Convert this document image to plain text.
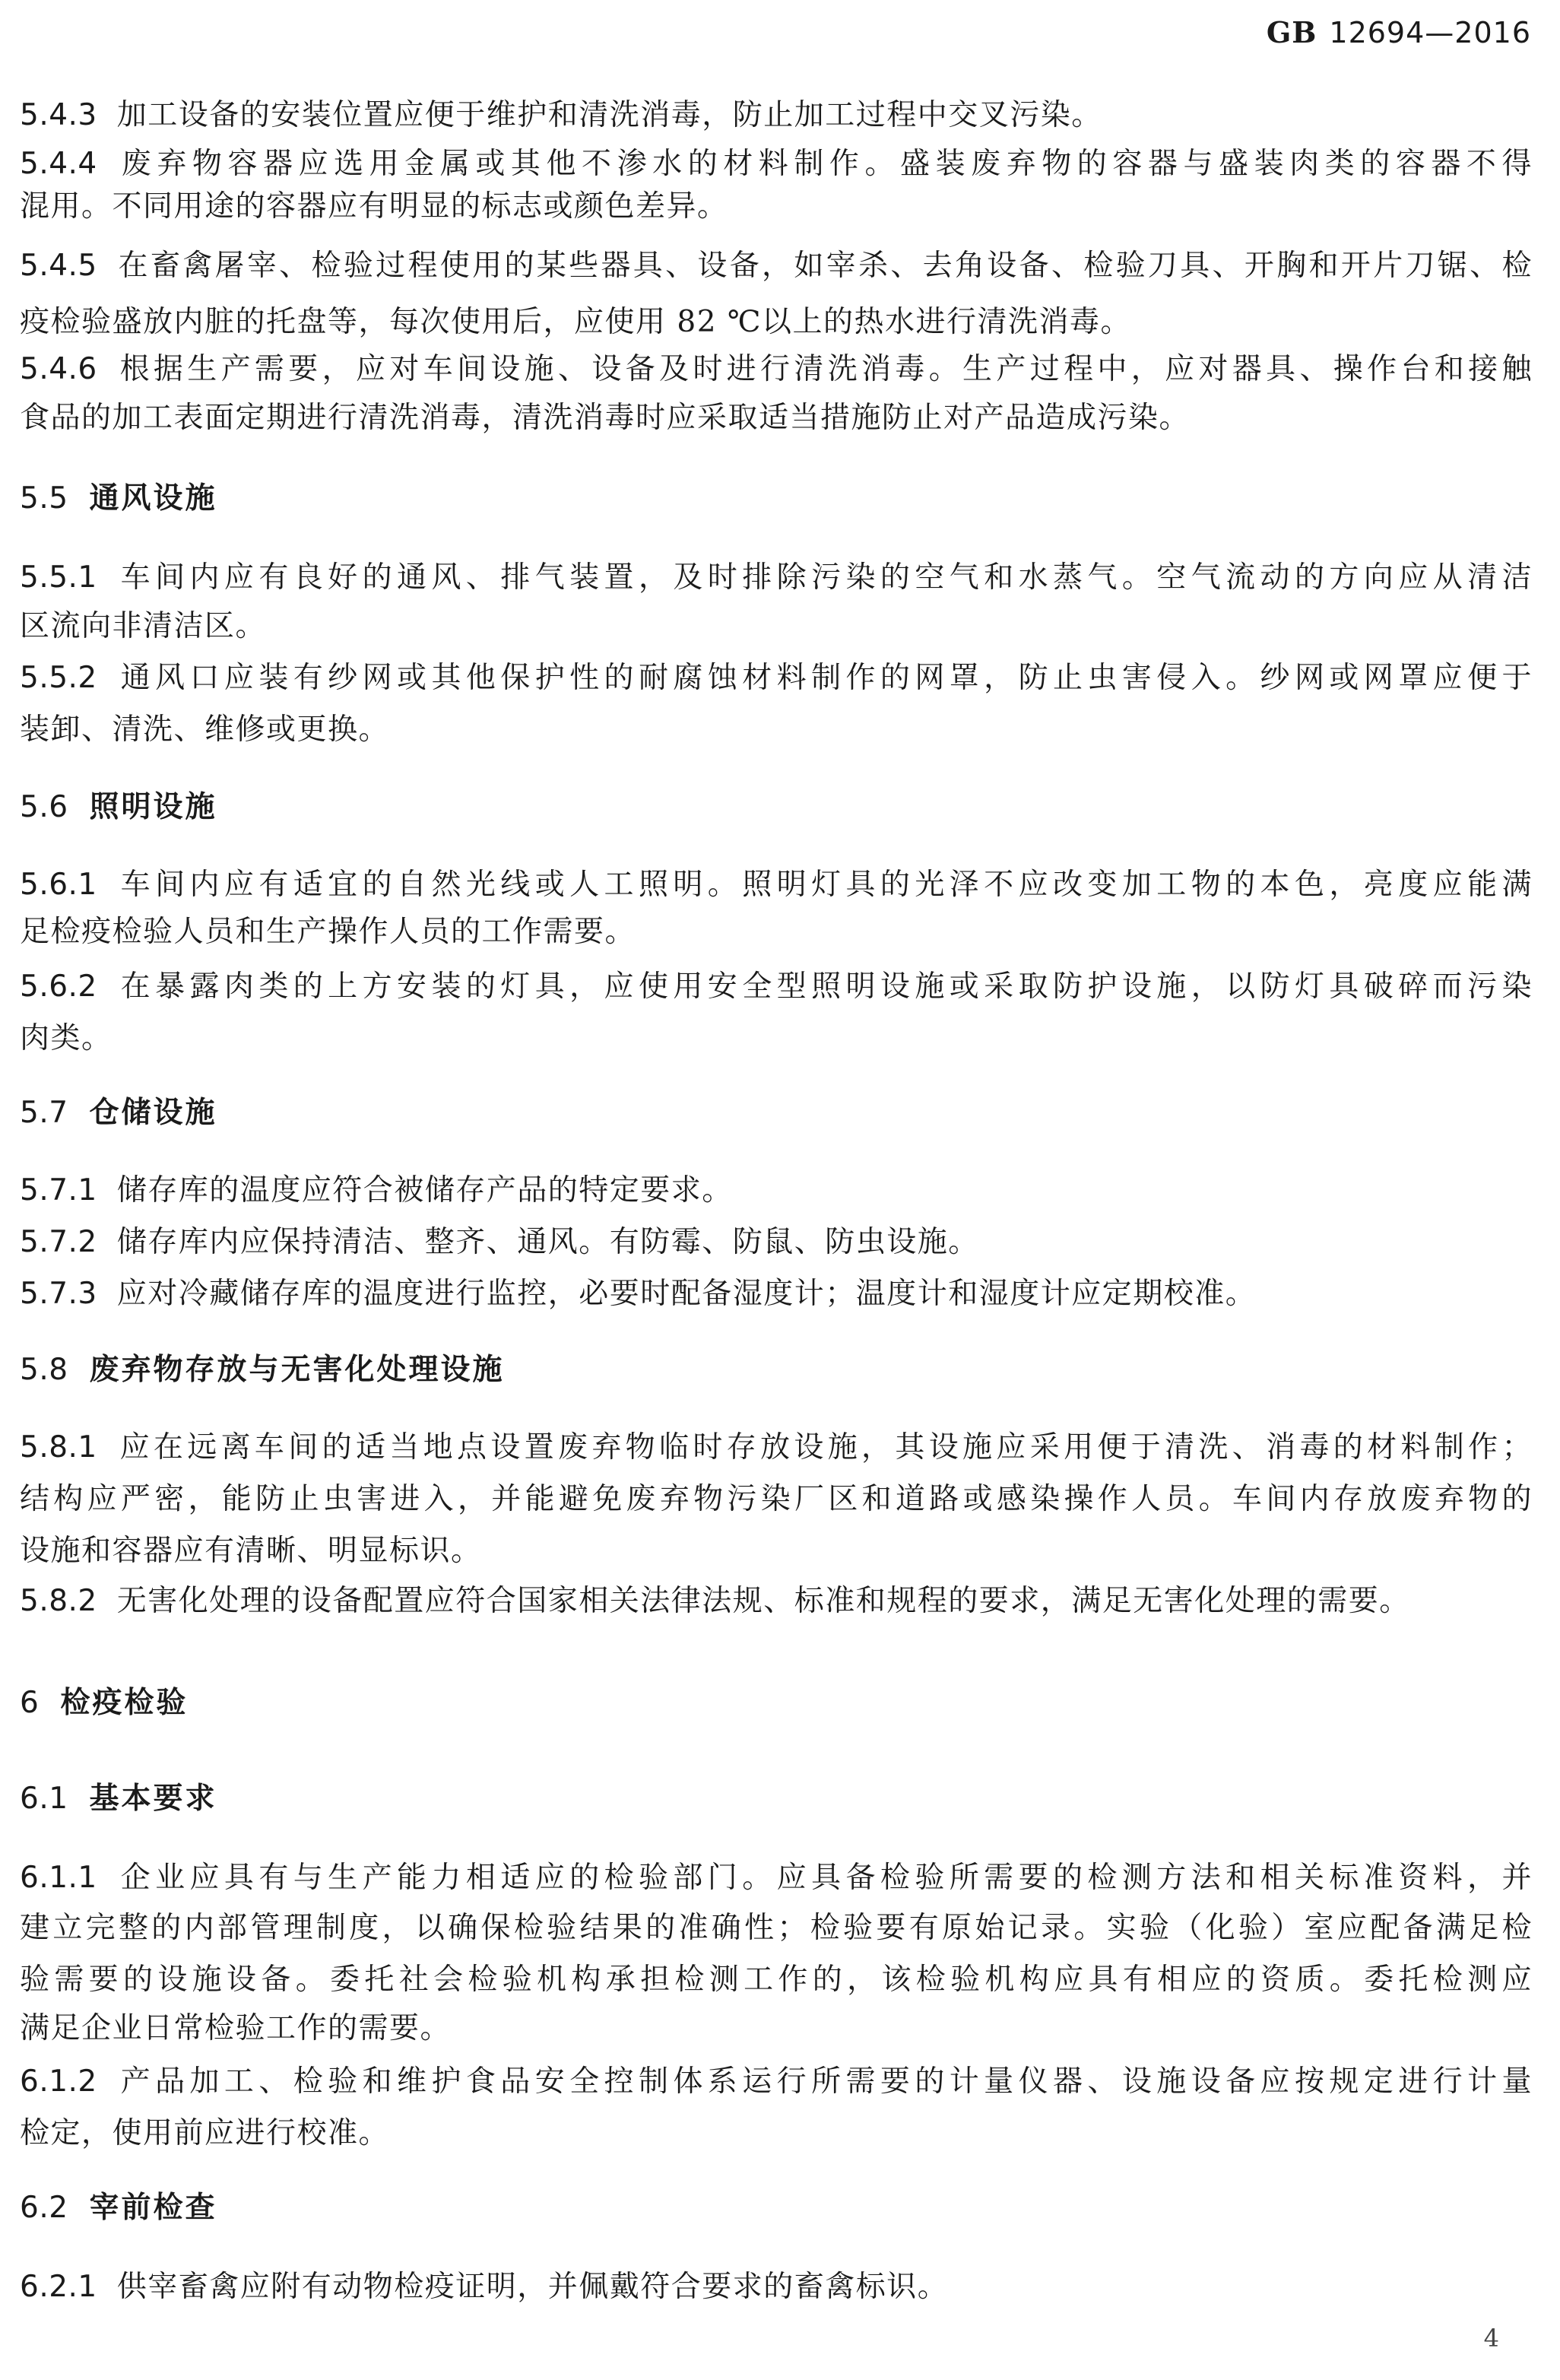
GB 12694—2016
5.4.3 加工设备的安装位置应便于维护和清洗消毒，防止加工过程中交叉污染。
5.4.4 废弃物容器应选用金属或其他不渗水的材料制作。盛装废弃物的容器与盛装肉类的容器不得
混用。不同用途的容器应有明显的标志或颜色差异。
5.4.5 在畜禽屠宰、检验过程使用的某些器具、设备，如宰杀、去角设备、检验刀具、开胸和开片刀锯、检
疫检验盛放内脏的托盘等，每次使用后，应使用 82 ℃以上的热水进行清洗消毒。
5.4.6 根据生产需要，应对车间设施、设备及时进行清洗消毒。生产过程中，应对器具、操作台和接触
食品的加工表面定期进行清洗消毒，清洗消毒时应采取适当措施防止对产品造成污染。
5.5 通风设施
5.5.1 车间内应有良好的通风、排气装置，及时排除污染的空气和水蒸气。空气流动的方向应从清洁
区流向非清洁区。
5.5.2 通风口应装有纱网或其他保护性的耐腐蚀材料制作的网罩，防止虫害侵入。纱网或网罩应便于
装卸、清洗、维修或更换。
5.6 照明设施
5.6.1 车间内应有适宜的自然光线或人工照明。照明灯具的光泽不应改变加工物的本色，亮度应能满
足检疫检验人员和生产操作人员的工作需要。
5.6.2 在暴露肉类的上方安装的灯具，应使用安全型照明设施或采取防护设施，以防灯具破碎而污染
肉类。
5.7 仓储设施
5.7.1 储存库的温度应符合被储存产品的特定要求。
5.7.2 储存库内应保持清洁、整齐、通风。有防霉、防鼠、防虫设施。
5.7.3 应对冷藏储存库的温度进行监控，必要时配备湿度计；温度计和湿度计应定期校准。
5.8 废弃物存放与无害化处理设施
5.8.1 应在远离车间的适当地点设置废弃物临时存放设施，其设施应采用便于清洗、消毒的材料制作；
结构应严密，能防止虫害进入，并能避免废弃物污染厂区和道路或感染操作人员。车间内存放废弃物的
设施和容器应有清晰、明显标识。
5.8.2 无害化处理的设备配置应符合国家相关法律法规、标准和规程的要求，满足无害化处理的需要。
6 检疫检验
6.1 基本要求
6.1.1 企业应具有与生产能力相适应的检验部门。应具备检验所需要的检测方法和相关标准资料，并
建立完整的内部管理制度，以确保检验结果的准确性；检验要有原始记录。实验（化验）室应配备满足检
验需要的设施设备。委托社会检验机构承担检测工作的，该检验机构应具有相应的资质。委托检测应
满足企业日常检验工作的需要。
6.1.2 产品加工、检验和维护食品安全控制体系运行所需要的计量仪器、设施设备应按规定进行计量
检定，使用前应进行校准。
6.2 宰前检查
6.2.1 供宰畜禽应附有动物检疫证明，并佩戴符合要求的畜禽标识。
4
